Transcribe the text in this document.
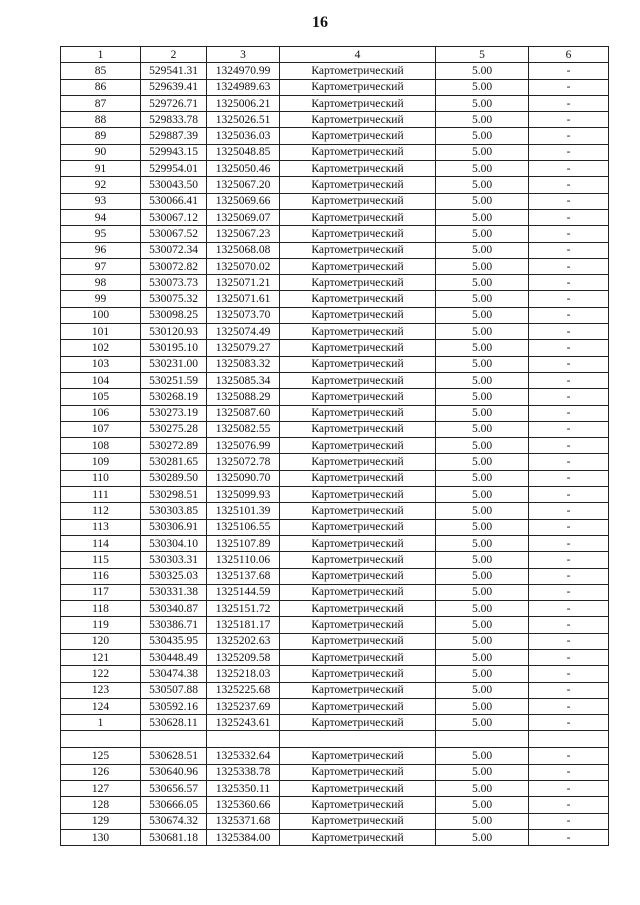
16
1	2	3	4	5	6
85	529541.31	1324970.99	Картометрический	5.00	-
86	529639.41	1324989.63	Картометрический	5.00	-
87	529726.71	1325006.21	Картометрический	5.00	-
88	529833.78	1325026.51	Картометрический	5.00	-
89	529887.39	1325036.03	Картометрический	5.00	-
90	529943.15	1325048.85	Картометрический	5.00	-
91	529954.01	1325050.46	Картометрический	5.00	-
92	530043.50	1325067.20	Картометрический	5.00	-
93	530066.41	1325069.66	Картометрический	5.00	-
94	530067.12	1325069.07	Картометрический	5.00	-
95	530067.52	1325067.23	Картометрический	5.00	-
96	530072.34	1325068.08	Картометрический	5.00	-
97	530072.82	1325070.02	Картометрический	5.00	-
98	530073.73	1325071.21	Картометрический	5.00	-
99	530075.32	1325071.61	Картометрический	5.00	-
100	530098.25	1325073.70	Картометрический	5.00	-
101	530120.93	1325074.49	Картометрический	5.00	-
102	530195.10	1325079.27	Картометрический	5.00	-
103	530231.00	1325083.32	Картометрический	5.00	-
104	530251.59	1325085.34	Картометрический	5.00	-
105	530268.19	1325088.29	Картометрический	5.00	-
106	530273.19	1325087.60	Картометрический	5.00	-
107	530275.28	1325082.55	Картометрический	5.00	-
108	530272.89	1325076.99	Картометрический	5.00	-
109	530281.65	1325072.78	Картометрический	5.00	-
110	530289.50	1325090.70	Картометрический	5.00	-
111	530298.51	1325099.93	Картометрический	5.00	-
112	530303.85	1325101.39	Картометрический	5.00	-
113	530306.91	1325106.55	Картометрический	5.00	-
114	530304.10	1325107.89	Картометрический	5.00	-
115	530303.31	1325110.06	Картометрический	5.00	-
116	530325.03	1325137.68	Картометрический	5.00	-
117	530331.38	1325144.59	Картометрический	5.00	-
118	530340.87	1325151.72	Картометрический	5.00	-
119	530386.71	1325181.17	Картометрический	5.00	-
120	530435.95	1325202.63	Картометрический	5.00	-
121	530448.49	1325209.58	Картометрический	5.00	-
122	530474.38	1325218.03	Картометрический	5.00	-
123	530507.88	1325225.68	Картометрический	5.00	-
124	530592.16	1325237.69	Картометрический	5.00	-
1	530628.11	1325243.61	Картометрический	5.00	-

125	530628.51	1325332.64	Картометрический	5.00	-
126	530640.96	1325338.78	Картометрический	5.00	-
127	530656.57	1325350.11	Картометрический	5.00	-
128	530666.05	1325360.66	Картометрический	5.00	-
129	530674.32	1325371.68	Картометрический	5.00	-
130	530681.18	1325384.00	Картометрический	5.00	-
